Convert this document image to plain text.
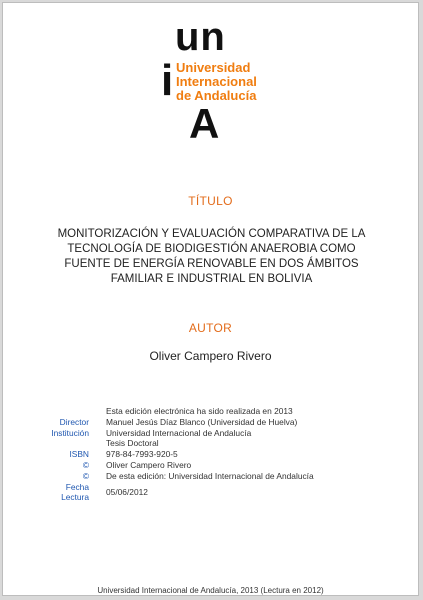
un
i
A
Universidad
Internacional
de Andalucía
TÍTULO
MONITORIZACIÓN Y EVALUACIÓN COMPARATIVA DE LA
TECNOLOGÍA DE BIODIGESTIÓN ANAEROBIA COMO
FUENTE DE ENERGÍA RENOVABLE EN DOS ÁMBITOS
FAMILIAR E INDUSTRIAL EN BOLIVIA
AUTOR
Oliver Campero Rivero
Esta edición electrónica ha sido realizada en 2013
Director Manuel Jesús Díaz Blanco (Universidad de Huelva)
Institución Universidad Internacional de Andalucía
Tesis Doctoral
ISBN 978-84-7993-920-5
© Oliver Campero Rivero
© De esta edición: Universidad Internacional de Andalucía
Fecha
Lectura 05/06/2012
Universidad Internacional de Andalucía, 2013 (Lectura en 2012)
